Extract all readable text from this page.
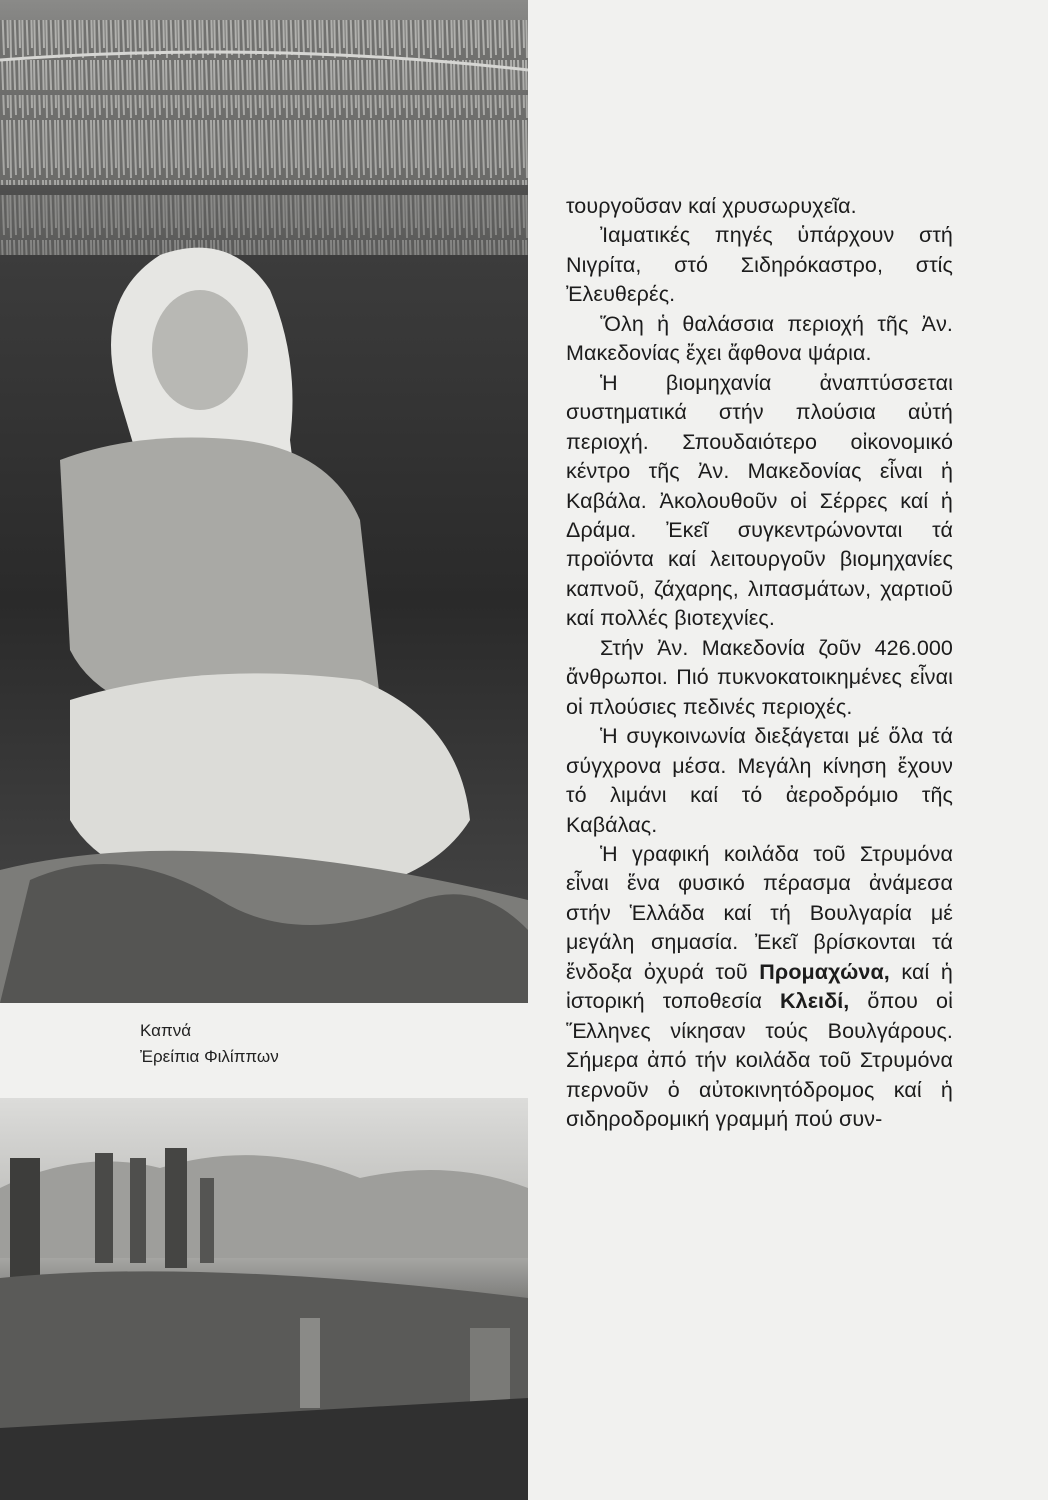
Καπνά
Ἐρείπια Φιλίππων

τουργοῦσαν καί χρυσωρυχεῖα.

Ἰαματικές πηγές ὑπάρχουν στή Νιγρίτα, στό Σιδηρόκαστρο, στίς Ἐλευθερές.

Ὅλη ἡ θαλάσσια περιοχή τῆς Ἀν. Μακεδονίας ἔχει ἄφθονα ψάρια.

Ἡ βιομηχανία ἀναπτύσσεται συστηματικά στήν πλούσια αὐτή περιοχή. Σπουδαιότερο οἰκονομικό κέντρο τῆς Ἀν. Μακεδονίας εἶναι ἡ Καβάλα. Ἀκολουθοῦν οἱ Σέρρες καί ἡ Δράμα. Ἐκεῖ συγκεντρώνονται τά προϊόντα καί λειτουργοῦν βιομηχανίες καπνοῦ, ζάχαρης, λιπασμάτων, χαρτιοῦ καί πολλές βιοτεχνίες.

Στήν Ἀν. Μακεδονία ζοῦν 426.000 ἄνθρωποι. Πιό πυκνοκατοικημένες εἶναι οἱ πλούσιες πεδινές περιοχές.

Ἡ συγκοινωνία διεξάγεται μέ ὅλα τά σύγχρονα μέσα. Μεγάλη κίνηση ἔχουν τό λιμάνι καί τό ἀεροδρόμιο τῆς Καβάλας.

Ἡ γραφική κοιλάδα τοῦ Στρυμόνα εἶναι ἕνα φυσικό πέρασμα ἀνάμεσα στήν Ἑλλάδα καί τή Βουλγαρία μέ μεγάλη σημασία. Ἐκεῖ βρίσκονται τά ἔνδοξα ὀχυρά τοῦ Προμαχώνα, καί ἡ ἱστορική τοποθεσία Κλειδί, ὅπου οἱ Ἕλληνες νίκησαν τούς Βουλγάρους. Σήμερα ἀπό τήν κοιλάδα τοῦ Στρυμόνα περνοῦν ὁ αὐτοκινητόδρομος καί ἡ σιδηροδρομική γραμμή πού συν-
